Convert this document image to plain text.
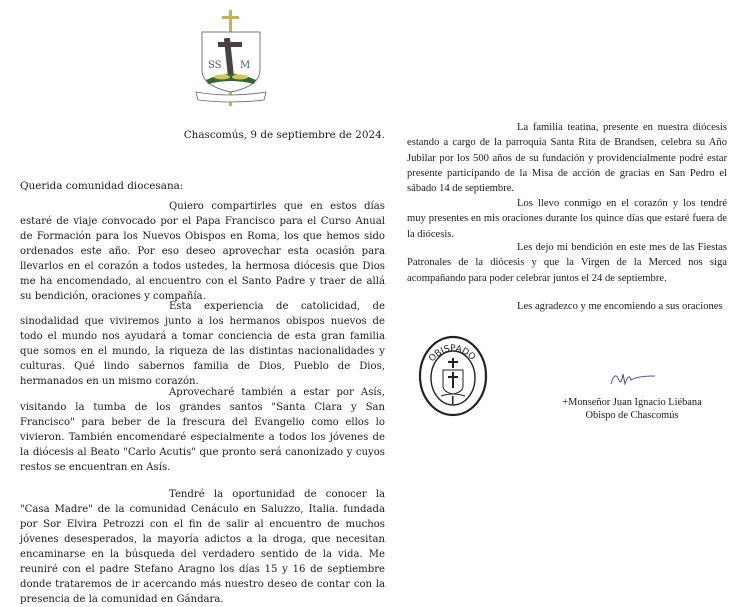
SS M
Chascomús, 9 de septiembre de 2024.
Querida comunidad diocesana:

Quiero compartirles que en estos días estaré de viaje convocado por el Papa Francisco para el Curso Anual de Formación para los Nuevos Obispos en Roma, los que hemos sido ordenados este año. Por eso deseo aprovechar esta ocasión para llevarlos en el corazón a todos ustedes, la hermosa diócesis que Dios me ha encomendado, al encuentro con el Santo Padre y traer de allá su bendición, oraciones y compañía.

Esta experiencia de catolicidad, de sinodalidad que viviremos junto a los hermanos obispos nuevos de todo el mundo nos ayudará a tomar conciencia de esta gran familia que somos en el mundo, la riqueza de las distintas nacionalidades y culturas. Qué lindo sabernos familia de Dios, Pueblo de Dios, hermanados en un mismo corazón.

Aprovecharé también a estar por Asís, visitando la tumba de los grandes santos "Santa Clara y San Francisco" para beber de la frescura del Evangelio como ellos lo vivieron. También encomendaré especialmente a todos los jóvenes de la diócesis al Beato "Carlo Acutis" que pronto será canonizado y cuyos restos se encuentran en Asís.

Tendré la oportunidad de conocer la "Casa Madre" de la comunidad Cenáculo en Saluzzo, Italia. fundada por Sor Elvira Petrozzi con el fin de salir al encuentro de muchos jóvenes desesperados, la mayoría adictos a la droga, que necesitan encaminarse en la búsqueda del verdadero sentido de la vida. Me reuniré con el padre Stefano Aragno los días 15 y 16 de septiembre donde trataremos de ir acercando más nuestro deseo de contar con la presencia de la comunidad en Gándara.

La familia teatina, presente en nuestra diócesis estando a cargo de la parroquia Santa Rita de Brandsen, celebra su Año Jubilar por los 500 años de su fundación y providencialmente podré estar presente participando de la Misa de acción de gracias en San Pedro el sábado 14 de septiembre.

Los llevo conmigo en el corazón y los tendré muy presentes en mis oraciones durante los quince días que estaré fuera de la diócesis.

Les dejo mi bendición en este mes de las Fiestas Patronales de la diócesis y que la Virgen de la Merced nos siga acompañando para poder celebrar juntos el 24 de septiembre.

Les agradezco y me encomiendo a sus oraciones

OBISPADO
+Monseñor Juan Ignacio Liébana
Obispo de Chascomús
